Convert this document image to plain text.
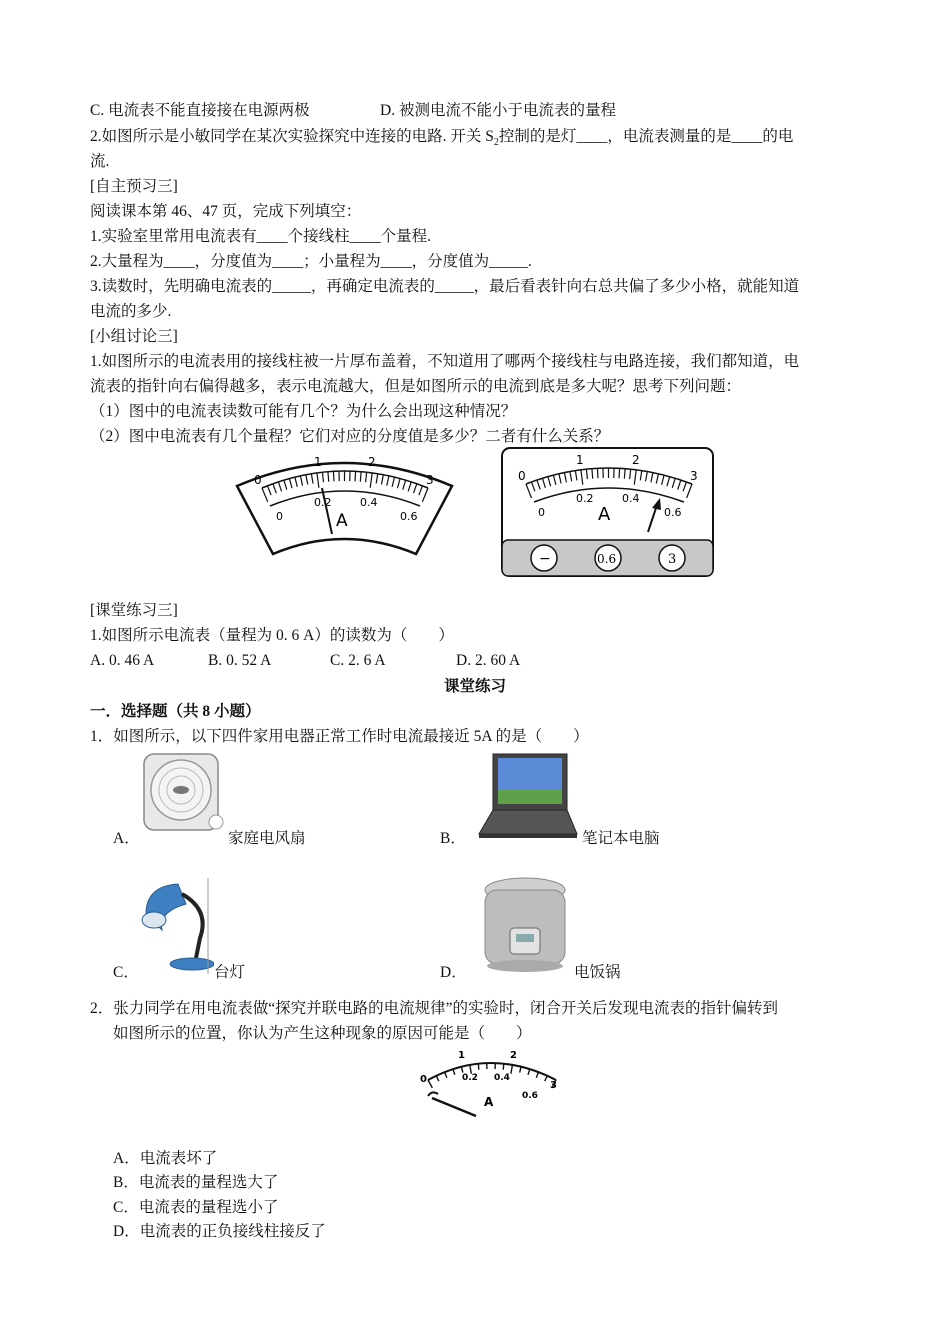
C. 电流表不能直接接在电源两极	D. 被测电流不能小于电流表的量程
2.如图所示是小敏同学在某次实验探究中连接的电路. 开关 $S_2$控制的是灯____，电流表测量的是____的电
流.
[自主预习三]
阅读课本第 46、47 页，完成下列填空：
1.实验室里常用电流表有____个接线柱____个量程.
2.大量程为____，分度值为____；小量程为____，分度值为_____.
3.读数时，先明确电流表的_____，再确定电流表的_____，最后看表针向右总共偏了多少小格，就能知道
电流的多少.
[小组讨论三]
1.如图所示的电流表用的接线柱被一片厚布盖着，不知道用了哪两个接线柱与电路连接，我们都知道，电
流表的指针向右偏得越多，表示电流越大，但是如图所示的电流到底是多大呢？思考下列问题：
（1）图中的电流表读数可能有几个？为什么会出现这种情况？
（2）图中电流表有几个量程？它们对应的分度值是多少？二者有什么关系？
0
1	2
3
0
0.2	0.4
0.6
A
0
1	2
3
0
0.2	0.4
0.6
A
−	0.6	3
[课堂练习三]
1.如图所示电流表（量程为 0. 6 A）的读数为（　　）
A. 0. 46 A	B. 0. 52 A	C. 2. 6 A	D. 2. 60 A
课堂练习
一．选择题（共 8 小题）
1．如图所示，以下四件家用电器正常工作时电流最接近 5A 的是（　　）
A．	家庭电风扇	B．	笔记本电脑
C．	台灯	D．	电饭锅
2．张力同学在用电流表做“探究并联电路的电流规律”的实验时，闭合开关后发现电流表的指针偏转到
如图所示的位置，你认为产生这种现象的原因可能是（　　）
0
1	2
3
0.2 0.4
0.6
A
A．电流表坏了
B．电流表的量程选大了
C．电流表的量程选小了
D．电流表的正负接线柱接反了
